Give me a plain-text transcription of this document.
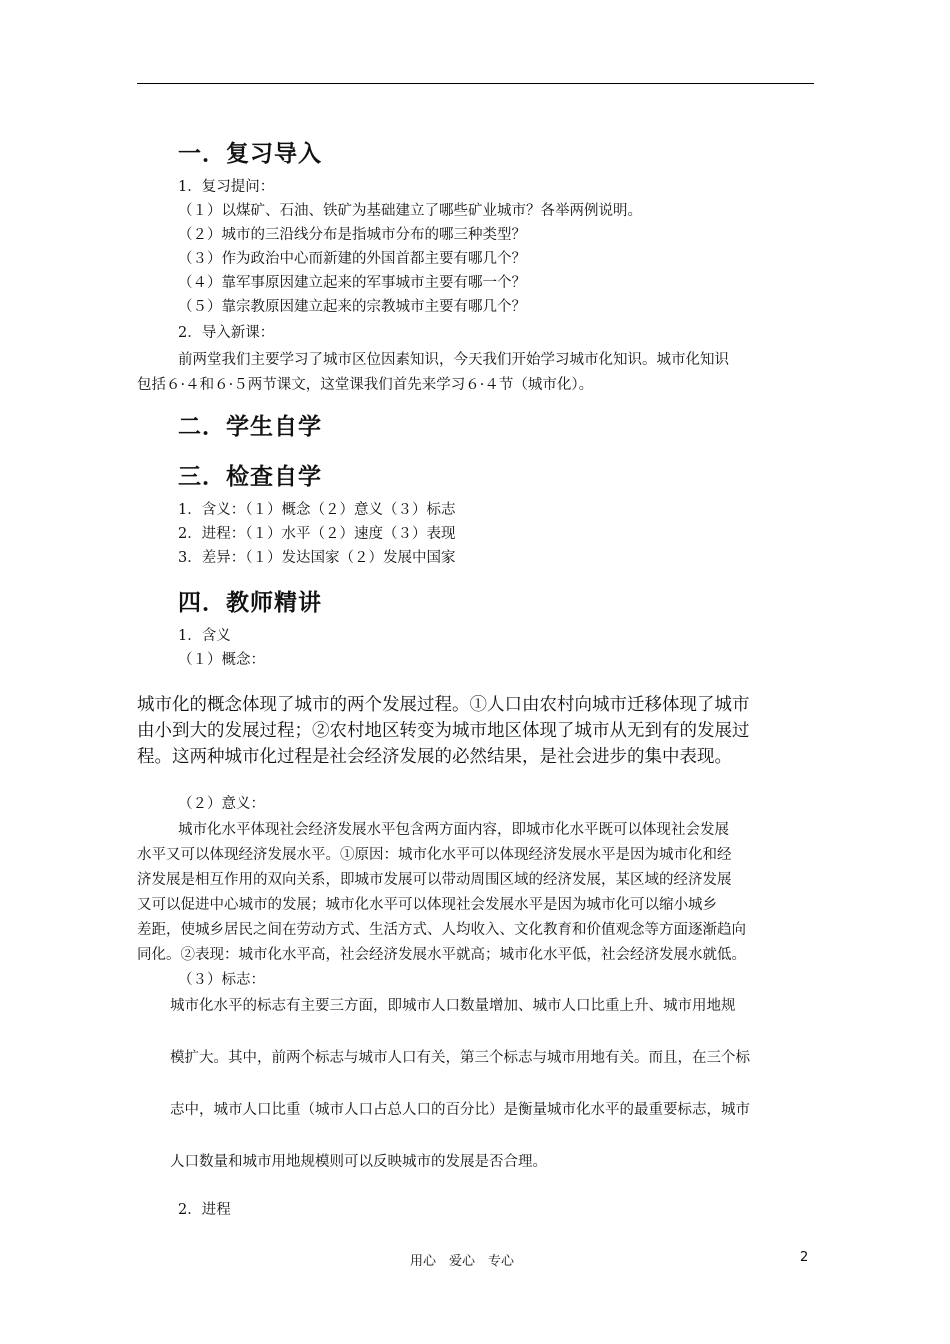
一．复习导入
1．复习提问：
（１）以煤矿、石油、铁矿为基础建立了哪些矿业城市？各举两例说明。
（２）城市的三沿线分布是指城市分布的哪三种类型？
（３）作为政治中心而新建的外国首都主要有哪几个？
（４）靠军事原因建立起来的军事城市主要有哪一个？
（５）靠宗教原因建立起来的宗教城市主要有哪几个？
2．导入新课：
前两堂我们主要学习了城市区位因素知识，今天我们开始学习城市化知识。城市化知识
包括６·４和６·５两节课文，这堂课我们首先来学习６·４节（城市化）。
二．学生自学
三．检查自学
1．含义：（１）概念（２）意义（３）标志
2．进程：（１）水平（２）速度（３）表现
3．差异：（１）发达国家（２）发展中国家
四．教师精讲
1．含义
（１）概念：
城市化的概念体现了城市的两个发展过程。①人口由农村向城市迁移体现了城市
由小到大的发展过程；②农村地区转变为城市地区体现了城市从无到有的发展过
程。这两种城市化过程是社会经济发展的必然结果，是社会进步的集中表现。
（２）意义：
城市化水平体现社会经济发展水平包含两方面内容，即城市化水平既可以体现社会发展
水平又可以体现经济发展水平。①原因：城市化水平可以体现经济发展水平是因为城市化和经
济发展是相互作用的双向关系，即城市发展可以带动周围区域的经济发展，某区域的经济发展
又可以促进中心城市的发展；城市化水平可以体现社会发展水平是因为城市化可以缩小城乡
差距，使城乡居民之间在劳动方式、生活方式、人均收入、文化教育和价值观念等方面逐渐趋向
同化。②表现：城市化水平高，社会经济发展水平就高；城市化水平低，社会经济发展水就低。
（３）标志：
城市化水平的标志有主要三方面，即城市人口数量增加、城市人口比重上升、城市用地规
模扩大。其中，前两个标志与城市人口有关，第三个标志与城市用地有关。而且，在三个标
志中，城市人口比重（城市人口占总人口的百分比）是衡量城市化水平的最重要标志，城市
人口数量和城市用地规模则可以反映城市的发展是否合理。
2．进程
用心　爱心　专心	2
